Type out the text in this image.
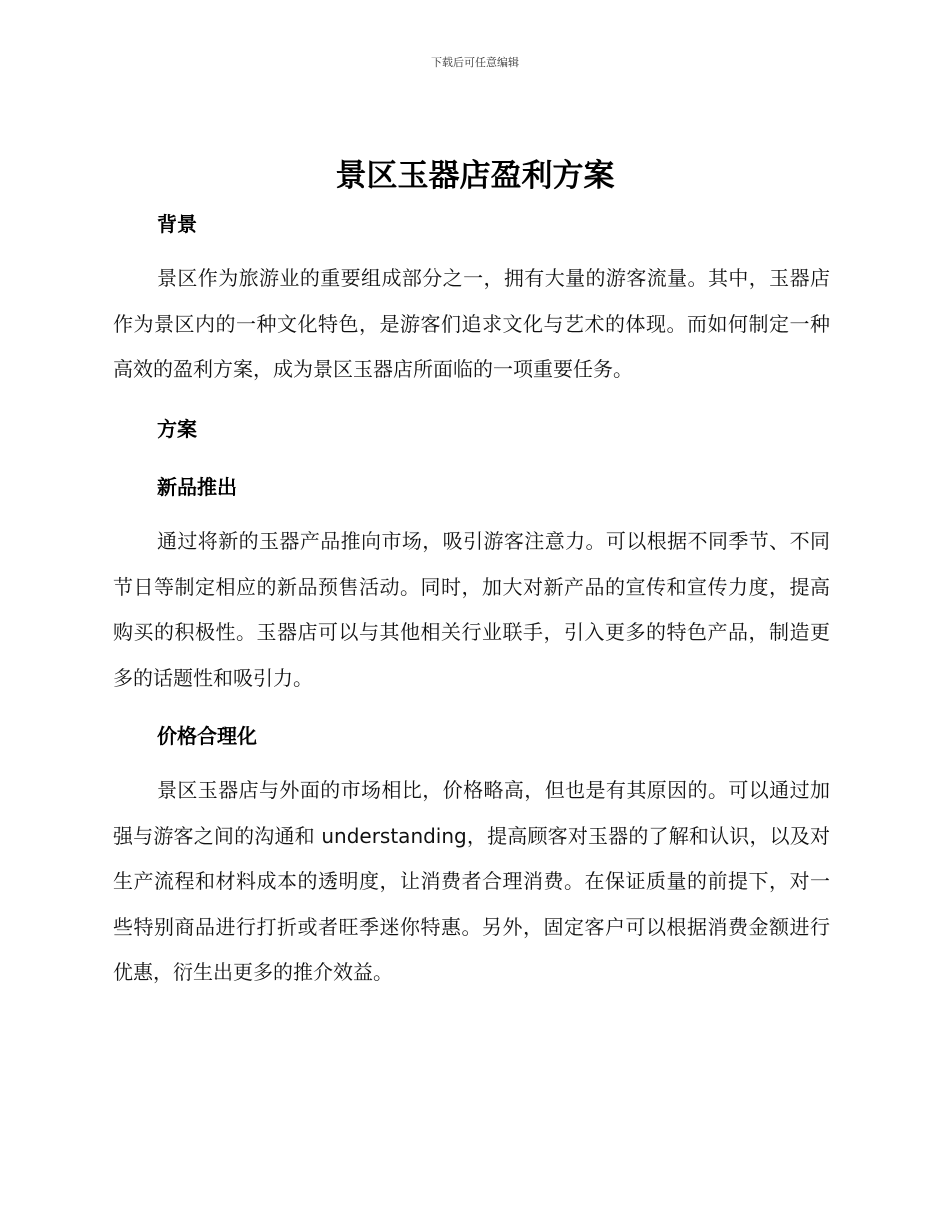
下载后可任意编辑
景区玉器店盈利方案
背景

景区作为旅游业的重要组成部分之一，拥有大量的游客流量。其中，玉器店作为景区内的一种文化特色，是游客们追求文化与艺术的体现。而如何制定一种高效的盈利方案，成为景区玉器店所面临的一项重要任务。

方案
新品推出

通过将新的玉器产品推向市场，吸引游客注意力。可以根据不同季节、不同节日等制定相应的新品预售活动。同时，加大对新产品的宣传和宣传力度，提高购买的积极性。玉器店可以与其他相关行业联手，引入更多的特色产品，制造更多的话题性和吸引力。

价格合理化

景区玉器店与外面的市场相比，价格略高，但也是有其原因的。可以通过加强与游客之间的沟通和 understanding，提高顾客对玉器的了解和认识，以及对生产流程和材料成本的透明度，让消费者合理消费。在保证质量的前提下，对一些特别商品进行打折或者旺季迷你特惠。另外，固定客户可以根据消费金额进行优惠，衍生出更多的推介效益。
